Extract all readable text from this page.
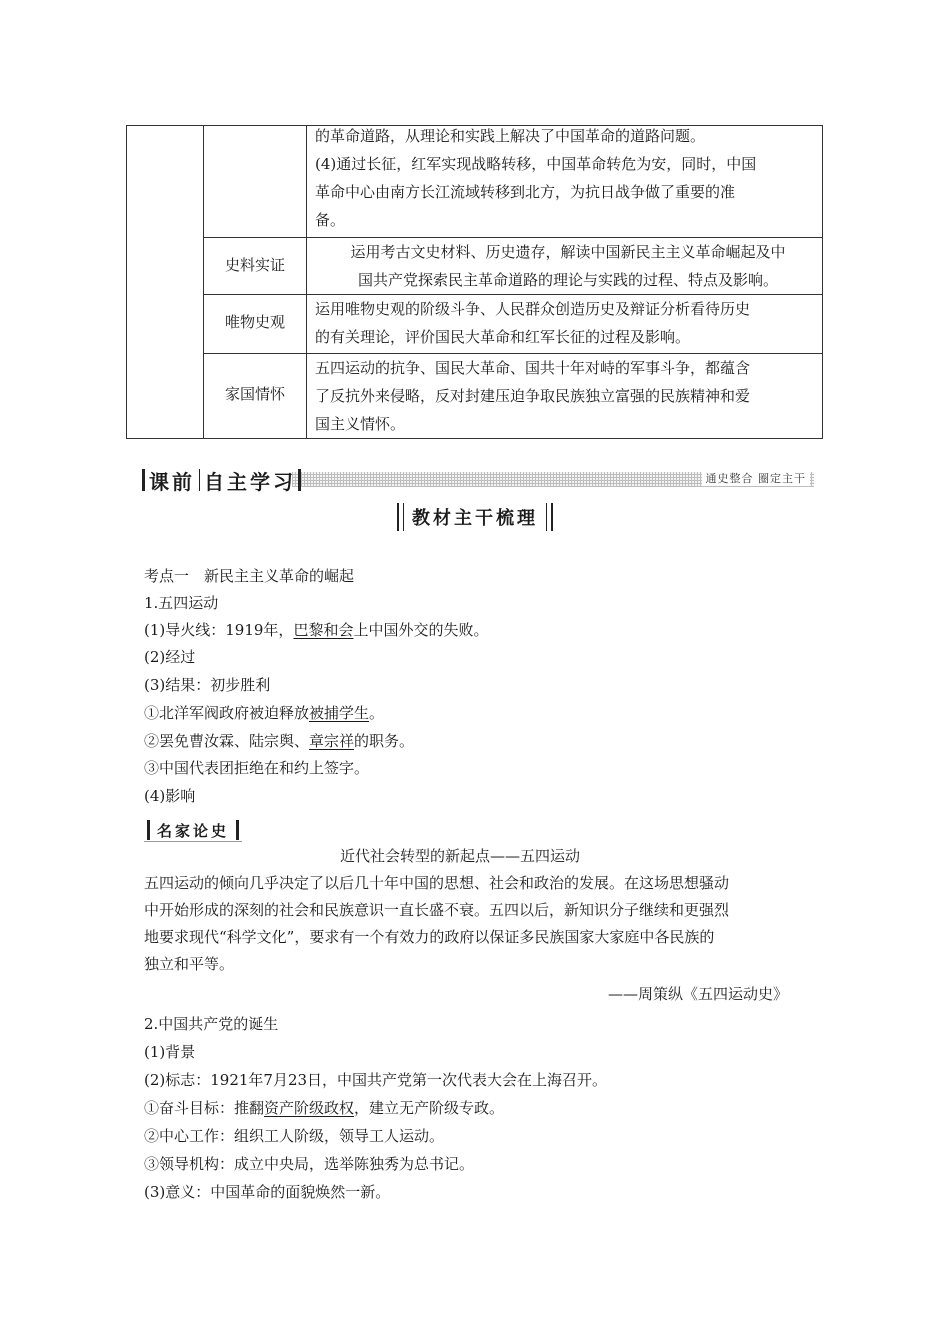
的革命道路，从理论和实践上解决了中国革命的道路问题。
(4)通过长征，红军实现战略转移，中国革命转危为安，同时，中国
革命中心由南方长江流域转移到北方，为抗日战争做了重要的准
备。
史料实证
运用考古文史材料、历史遗存，解读中国新民主主义革命崛起及中
国共产党探索民主革命道路的理论与实践的过程、特点及影响。
唯物史观
运用唯物史观的阶级斗争、人民群众创造历史及辩证分析看待历史
的有关理论，评价国民大革命和红军长征的过程及影响。
家国情怀
五四运动的抗争、国民大革命、国共十年对峙的军事斗争，都蕴含
了反抗外来侵略，反对封建压迫争取民族独立富强的民族精神和爱
国主义情怀。
课前 自主学习	通史整合 圈定主干
教材主干梳理
考点一　新民主主义革命的崛起
1.五四运动
(1)导火线：1919年，巴黎和会上中国外交的失败。
(2)经过
(3)结果：初步胜利
①北洋军阀政府被迫释放被捕学生。
②罢免曹汝霖、陆宗舆、章宗祥的职务。
③中国代表团拒绝在和约上签字。
(4)影响
名家论史
近代社会转型的新起点——五四运动
五四运动的倾向几乎决定了以后几十年中国的思想、社会和政治的发展。在这场思想骚动
中开始形成的深刻的社会和民族意识一直长盛不衰。五四以后，新知识分子继续和更强烈
地要求现代“科学文化”，要求有一个有效力的政府以保证多民族国家大家庭中各民族的
独立和平等。
——周策纵《五四运动史》
2.中国共产党的诞生
(1)背景
(2)标志：1921年7月23日，中国共产党第一次代表大会在上海召开。
①奋斗目标：推翻资产阶级政权，建立无产阶级专政。
②中心工作：组织工人阶级，领导工人运动。
③领导机构：成立中央局，选举陈独秀为总书记。
(3)意义：中国革命的面貌焕然一新。
